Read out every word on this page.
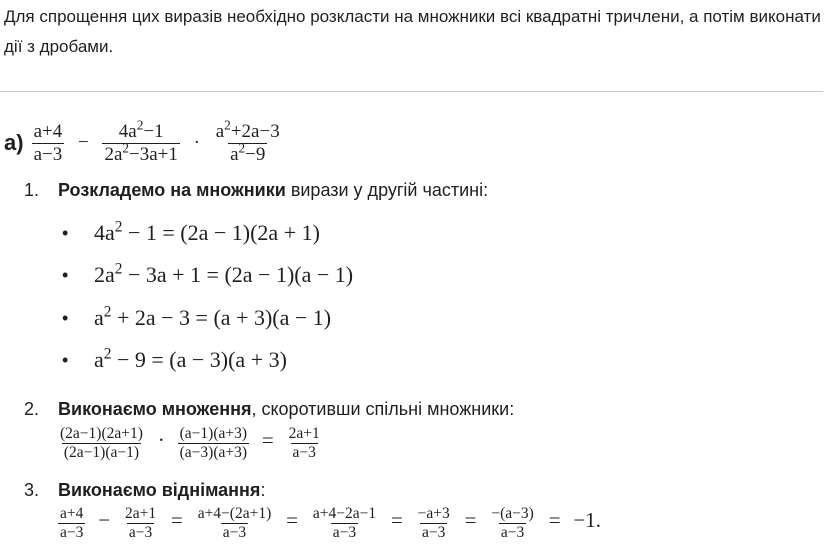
Для спрощення цих виразів необхідно розкласти на множники всі квадратні тричлени, а потім виконати дії з дробами.

$а) \frac{a+4}{a-3} - \frac{4a^2-1}{2a^2-3a+1} \cdot \frac{a^2+2a-3}{a^2-9}$
1. Розкладемо на множники вирази у другій частині:
•	$4a^2 - 1 = (2a - 1)(2a + 1)$
•	$2a^2 - 3a + 1 = (2a - 1)(a - 1)$
•	$a^2 + 2a - 3 = (a + 3)(a - 1)$
•	$a^2 - 9 = (a - 3)(a + 3)$
2. Виконаємо множення, скоротивши спільні множники:
$\frac{(2a-1)(2a+1)}{(2a-1)(a-1)} \cdot \frac{(a-1)(a+3)}{(a-3)(a+3)} = \frac{2a+1}{a-3}$
3. Виконаємо віднімання:
$\frac{a+4}{a-3} - \frac{2a+1}{a-3} = \frac{a+4-(2a+1)}{a-3} = \frac{a+4-2a-1}{a-3} = \frac{-a+3}{a-3} = \frac{-(a-3)}{a-3} = -1$.
